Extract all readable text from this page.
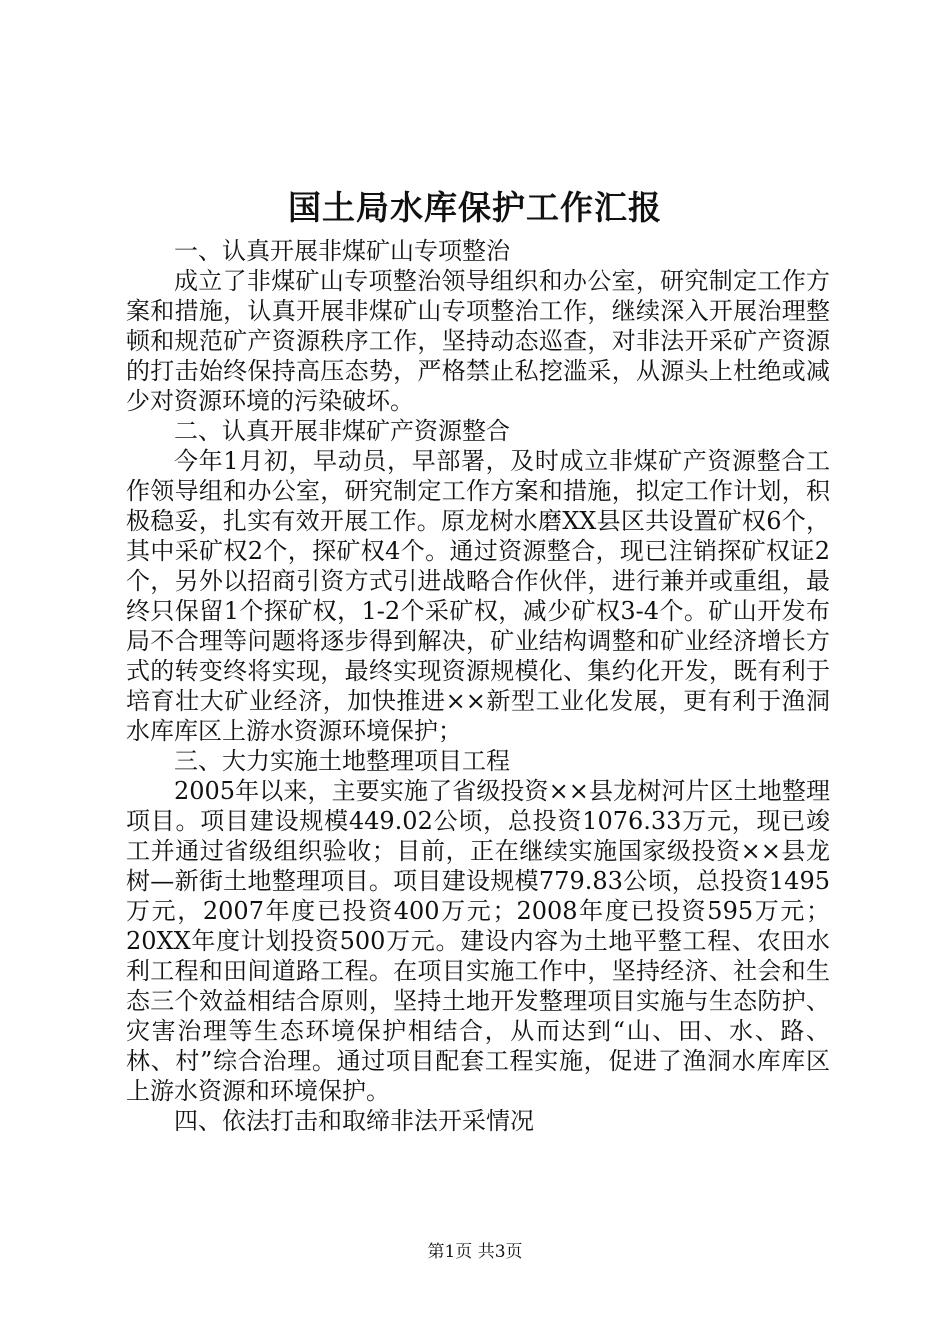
国土局水库保护工作汇报

一、认真开展非煤矿山专项整治

成立了非煤矿山专项整治领导组织和办公室，研究制定工作方案和措施，认真开展非煤矿山专项整治工作，继续深入开展治理整顿和规范矿产资源秩序工作，坚持动态巡查，对非法开采矿产资源的打击始终保持高压态势，严格禁止私挖滥采，从源头上杜绝或减少对资源环境的污染破坏。

二、认真开展非煤矿产资源整合

今年1月初，早动员，早部署，及时成立非煤矿产资源整合工作领导组和办公室，研究制定工作方案和措施，拟定工作计划，积极稳妥，扎实有效开展工作。原龙树水磨XX县区共设置矿权6个，其中采矿权2个，探矿权4个。通过资源整合，现已注销探矿权证2个，另外以招商引资方式引进战略合作伙伴，进行兼并或重组，最终只保留1个探矿权，1-2个采矿权，减少矿权3-4个。矿山开发布局不合理等问题将逐步得到解决，矿业结构调整和矿业经济增长方式的转变终将实现，最终实现资源规模化、集约化开发，既有利于培育壮大矿业经济，加快推进××新型工业化发展，更有利于渔洞水库库区上游水资源环境保护；

三、大力实施土地整理项目工程

2005年以来，主要实施了省级投资××县龙树河片区土地整理项目。项目建设规模449.02公顷，总投资1076.33万元，现已竣工并通过省级组织验收；目前，正在继续实施国家级投资××县龙树—新街土地整理项目。项目建设规模779.83公顷，总投资1495万元，2007年度已投资400万元；2008年度已投资595万元；20XX年度计划投资500万元。建设内容为土地平整工程、农田水利工程和田间道路工程。在项目实施工作中，坚持经济、社会和生态三个效益相结合原则，坚持土地开发整理项目实施与生态防护、灾害治理等生态环境保护相结合，从而达到“山、田、水、路、林、村”综合治理。通过项目配套工程实施，促进了渔洞水库库区上游水资源和环境保护。

四、依法打击和取缔非法开采情况

第1页 共3页
